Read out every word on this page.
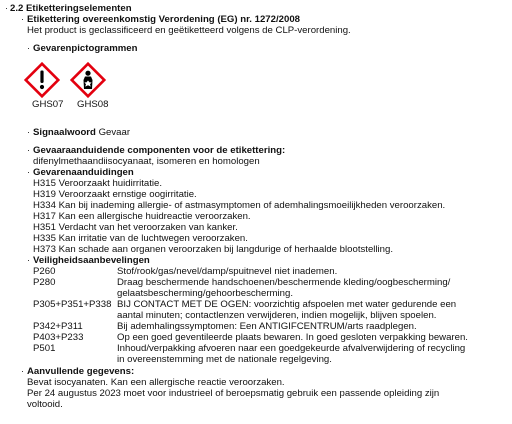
· 2.2 Etiketteringselementen
· Etikettering overeenkomstig Verordening (EG) nr. 1272/2008
Het product is geclassificeerd en geëtiketteerd volgens de CLP-verordening.
· Gevarenpictogrammen
GHS07 GHS08
· Signaalwoord Gevaar
· Gevaaraanduidende componenten voor de etikettering:
difenylmethaandiisocyanaat, isomeren en homologen
· Gevarenaanduidingen
H315 Veroorzaakt huidirritatie.
H319 Veroorzaakt ernstige oogirritatie.
H334 Kan bij inademing allergie- of astmasymptomen of ademhalingsmoeilijkheden veroorzaken.
H317 Kan een allergische huidreactie veroorzaken.
H351 Verdacht van het veroorzaken van kanker.
H335 Kan irritatie van de luchtwegen veroorzaken.
H373 Kan schade aan organen veroorzaken bij langdurige of herhaalde blootstelling.
· Veiligheidsaanbevelingen
P260	Stof/rook/gas/nevel/damp/spuitnevel niet inademen.
P280	Draag beschermende handschoenen/beschermende kleding/oogbescherming/
gelaatsbescherming/gehoorbescherming.
P305+P351+P338 BIJ CONTACT MET DE OGEN: voorzichtig afspoelen met water gedurende een
aantal minuten; contactlenzen verwijderen, indien mogelijk, blijven spoelen.
P342+P311	Bij ademhalingssymptomen: Een ANTIGIFCENTRUM/arts raadplegen.
P403+P233	Op een goed geventileerde plaats bewaren. In goed gesloten verpakking bewaren.
P501	Inhoud/verpakking afvoeren naar een goedgekeurde afvalverwijdering of recycling
in overeenstemming met de nationale regelgeving.
· Aanvullende gegevens:
Bevat isocyanaten. Kan een allergische reactie veroorzaken.
Per 24 augustus 2023 moet voor industrieel of beroepsmatig gebruik een passende opleiding zijn
voltooid.
